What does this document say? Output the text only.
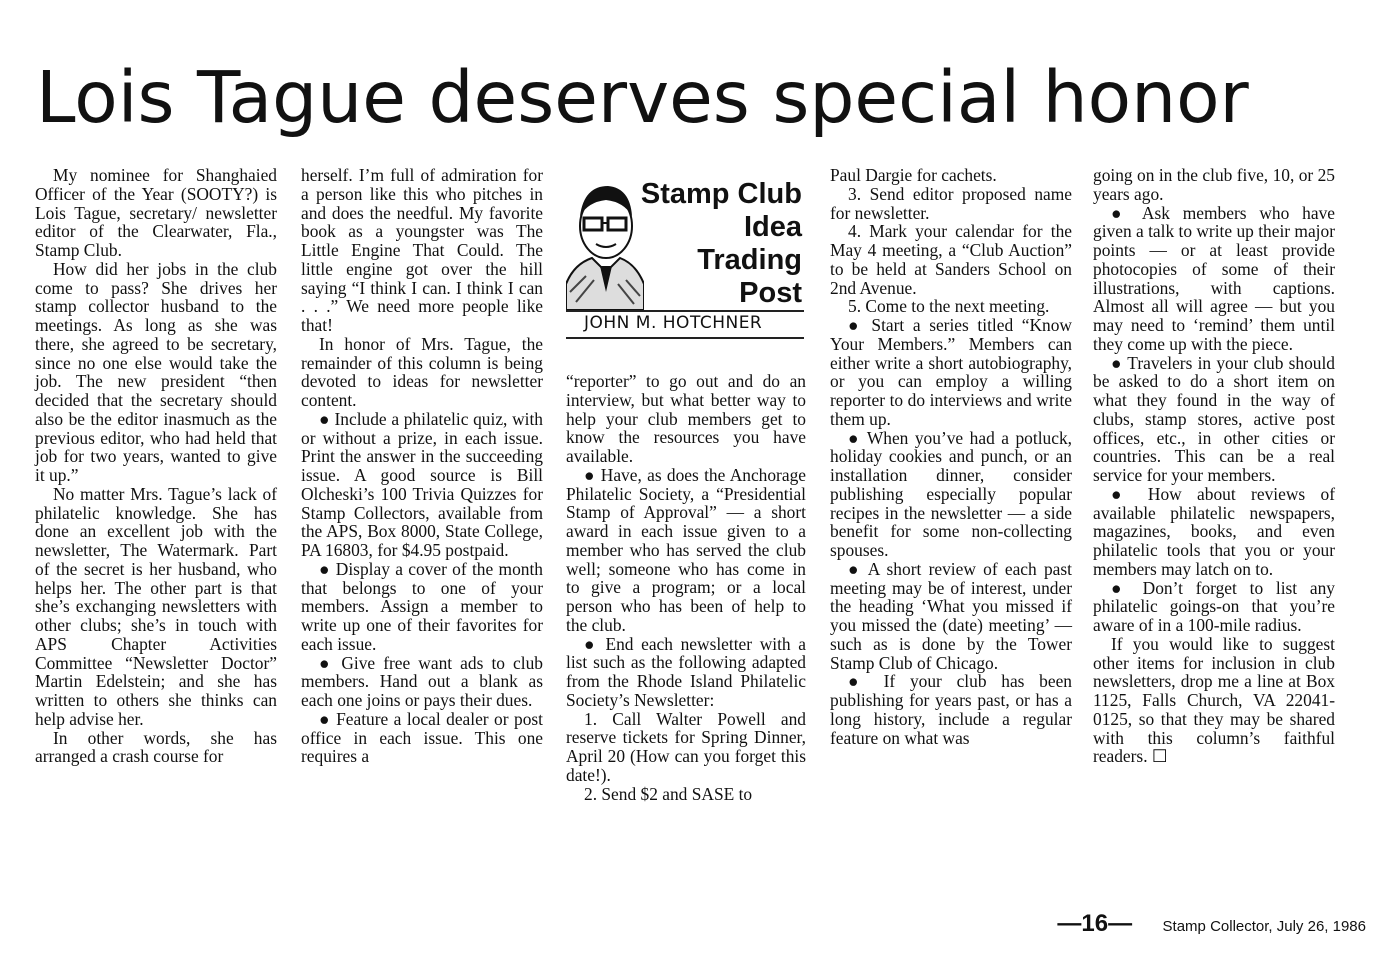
Lois Tague deserves special honor

My nominee for Shanghaied Officer of the Year (SOOTY?) is Lois Tague, secretary/ newsletter editor of the Clearwater, Fla., Stamp Club.

How did her jobs in the club come to pass? She drives her stamp collector husband to the meetings. As long as she was there, she agreed to be secretary, since no one else would take the job. The new president “then decided that the secretary should also be the editor inasmuch as the previous editor, who had held that job for two years, wanted to give it up.”

No matter Mrs. Tague’s lack of philatelic knowledge. She has done an excellent job with the newsletter, The Watermark. Part of the secret is her husband, who helps her. The other part is that she’s exchanging newsletters with other clubs; she’s in touch with APS Chapter Activities Committee “Newsletter Doctor” Martin Edelstein; and she has written to others she thinks can help advise her.

In other words, she has arranged a crash course for

herself. I’m full of admiration for a person like this who pitches in and does the needful. My favorite book as a youngster was The Little Engine That Could. The little engine got over the hill saying “I think I can. I think I can . . .” We need more people like that!

In honor of Mrs. Tague, the remainder of this column is being devoted to ideas for newsletter content.

● Include a philatelic quiz, with or without a prize, in each issue. Print the answer in the succeeding issue. A good source is Bill Olcheski’s 100 Trivia Quizzes for Stamp Collectors, available from the APS, Box 8000, State College, PA 16803, for $4.95 postpaid.

● Display a cover of the month that belongs to one of your members. Assign a member to write up one of their favorites for each issue.

● Give free want ads to club members. Hand out a blank as each one joins or pays their dues.

● Feature a local dealer or post office in each issue. This one requires a

Stamp Club
Idea
Trading
Post
JOHN M. HOTCHNER

“reporter” to go out and do an interview, but what better way to help your club members get to know the resources you have available.

● Have, as does the Anchorage Philatelic Society, a “Presidential Stamp of Approval” — a short award in each issue given to a member who has served the club well; someone who has come in to give a program; or a local person who has been of help to the club.

● End each newsletter with a list such as the following adapted from the Rhode Island Philatelic Society’s Newsletter:

1. Call Walter Powell and reserve tickets for Spring Dinner, April 20 (How can you forget this date!).

2. Send $2 and SASE to

Paul Dargie for cachets.

3. Send editor proposed name for newsletter.

4. Mark your calendar for the May 4 meeting, a “Club Auction” to be held at Sanders School on 2nd Avenue.

5. Come to the next meeting.

● Start a series titled “Know Your Members.” Members can either write a short autobiography, or you can employ a willing reporter to do interviews and write them up.

● When you’ve had a potluck, holiday cookies and punch, or an installation dinner, consider publishing especially popular recipes in the newsletter — a side benefit for some non-collecting spouses.

● A short review of each past meeting may be of interest, under the heading ‘What you missed if you missed the (date) meeting’ — such as is done by the Tower Stamp Club of Chicago.

● If your club has been publishing for years past, or has a long history, include a regular feature on what was

going on in the club five, 10, or 25 years ago.

● Ask members who have given a talk to write up their major points — or at least provide photocopies of some of their illustrations, with captions. Almost all will agree — but you may need to ‘remind’ them until they come up with the piece.

● Travelers in your club should be asked to do a short item on what they found in the way of clubs, stamp stores, active post offices, etc., in other cities or countries. This can be a real service for your members.

● How about reviews of available philatelic newspapers, magazines, books, and even philatelic tools that you or your members may latch on to.

● Don’t forget to list any philatelic goings-on that you’re aware of in a 100-mile radius.

If you would like to suggest other items for inclusion in club newsletters, drop me a line at Box 1125, Falls Church, VA 22041-0125, so that they may be shared with this column’s faithful readers. ☐

—16— Stamp Collector, July 26, 1986
